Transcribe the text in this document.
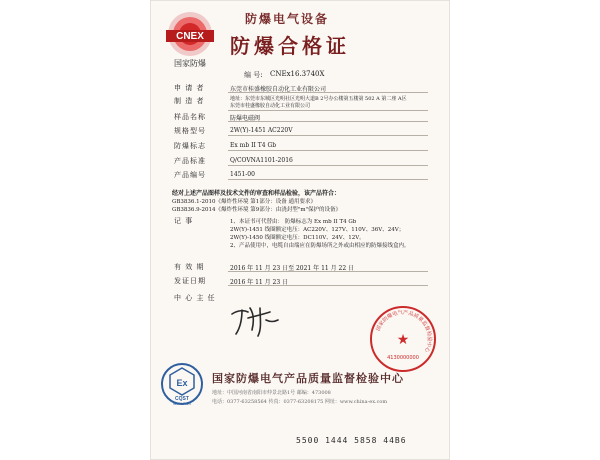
CNEX
国家防爆
防爆电气设备
防爆合格证
编 号: CNEx16.3740X
申 请 者	东莞市桂盛橡胶自动化工业有限公司
制 造 者	地址：东莞市东城区光明社区光明大道B 2号办公楼第五楼第 502 A 第二座 A区
东莞市桂盛橡胶自动化工业有限公司
样品名称	防爆电磁阀
规格型号	2W(Y)-1451 AC220V
防爆标志	Ex mb II T4 Gb
产品标准	Q/COVNA1101-2016
产品编号	1451-00
经对上述产品图样及技术文件的审查和样品检验，该产品符合：
GB3836.1-2010《爆炸性环境 第1部分：设备 通用要求》
GB3836.9-2014《爆炸性环境 第9部分：由浇封型"m"保护的设备》
记 事	1、本证书可代替由： 防爆标志为 Ex mb II T4 Gb
2W(Y)-1451 线圈额定电压：AC220V、127V、110V、36V、24V；
2W(Y)-1450 线圈额定电压：DC110V、24V、12V。
2、产品使用中，电缆自由端应在防爆场所之外或由相应的防爆接线盒内。
有 效 期	2016 年 11 月 23 日至 2021 年 11 月 22 日
发证日期	2016 年 11 月 23 日
中 心 主 任
国家防爆电气产品质量监督检验中心
★
4130000000
Ex
CQST
NAN YANG
国家防爆电气产品质量监督检验中心
地址：中国河南省南阳市仲景北路1号 邮编：473008
电话：0377-63258564 传真：0377-63208175 网址：www.china-ex.com
5500 1444 5858 44B6
